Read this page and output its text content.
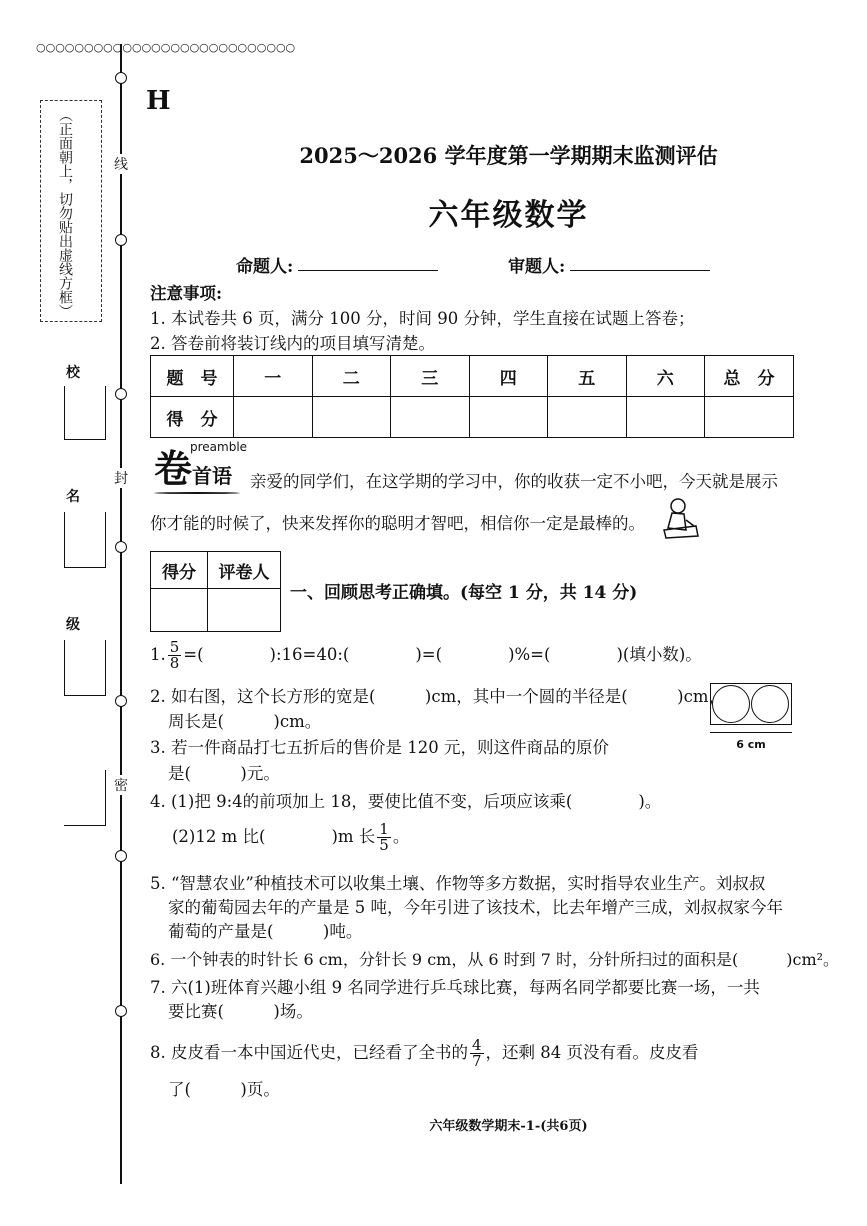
○○○○○○○○○○○○○○○○○○○○○○○○○○○
（正面朝上，切勿贴出虚线方框）	线
封
密
校
名
级
H
2025～2026 学年度第一学期期末监测评估
六年级数学
命题人:	审题人:
注意事项:
1. 本试卷共 6 页，满分 100 分，时间 90 分钟，学生直接在试题上答卷；
2. 答卷前将装订线内的项目填写清楚。
题　号	一	二	三	四	五	六	总　分
得　分							
卷
preamble
首语 亲爱的同学们，在这学期的学习中，你的收获一定不小吧，今天就是展示
你才能的时候了，快来发挥你的聪明才智吧，相信你一定是最棒的。
得分	评卷人

一、回顾思考正确填。(每空 1 分，共 14 分)
1. $\frac{5}{8}$ =(　　　　):16=40:(　　　　)=(　　　　)%=(　　　　)(填小数)。
2. 如右图，这个长方形的宽是(　　　)cm，其中一个圆的半径是(　　　)cm，
周长是(　　　)cm。
6 cm
3. 若一件商品打七五折后的售价是 120 元，则这件商品的原价
是(　　　)元。
4. (1)把 9:4的前项加上 18，要使比值不变，后项应该乘(　　　　)。
(2)12 m 比(　　　　)m 长 $\frac{1}{5}$ 。
5. “智慧农业”种植技术可以收集土壤、作物等多方数据，实时指导农业生产。刘叔叔
家的葡萄园去年的产量是 5 吨，今年引进了该技术，比去年增产三成，刘叔叔家今年
葡萄的产量是(　　　)吨。
6. 一个钟表的时针长 6 cm，分针长 9 cm，从 6 时到 7 时，分针所扫过的面积是(　　　)cm²。
7. 六(1)班体育兴趣小组 9 名同学进行乒乓球比赛，每两名同学都要比赛一场，一共
要比赛(　　　)场。
8. 皮皮看一本中国近代史，已经看了全书的 $\frac{4}{7}$ ，还剩 84 页没有看。皮皮看
了(　　　)页。
六年级数学期末-1-(共6页)
